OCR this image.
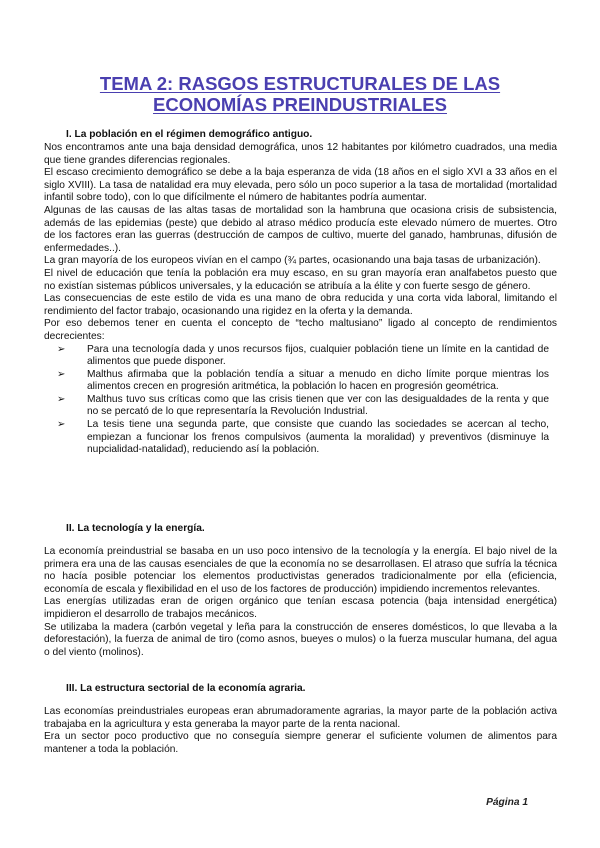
TEMA 2: RASGOS ESTRUCTURALES DE LAS
ECONOMÍAS PREINDUSTRIALES
I. La población en el régimen demográfico antiguo.

Nos encontramos ante una baja densidad demográfica, unos 12 habitantes por kilómetro cuadrados, una media que tiene grandes diferencias regionales.

El escaso crecimiento demográfico se debe a la baja esperanza de vida (18 años en el siglo XVI a 33 años en el siglo XVIII). La tasa de natalidad era muy elevada, pero sólo un poco superior a la tasa de mortalidad (mortalidad infantil sobre todo), con lo que difícilmente el número de habitantes podría aumentar.

Algunas de las causas de las altas tasas de mortalidad son la hambruna que ocasiona crisis de subsistencia, además de las epidemias (peste) que debido al atraso médico producía este elevado número de muertes. Otro de los factores eran las guerras (destrucción de campos de cultivo, muerte del ganado, hambrunas, difusión de enfermedades..).

La gran mayoría de los europeos vivían en el campo (¾ partes, ocasionando una baja tasas de urbanización).

El nivel de educación que tenía la población era muy escaso, en su gran mayoría eran analfabetos puesto que no existían sistemas públicos universales, y la educación se atribuía a la élite y con fuerte sesgo de género.

Las consecuencias de este estilo de vida es una mano de obra reducida y una corta vida laboral, limitando el rendimiento del factor trabajo, ocasionando una rigidez en la oferta y la demanda.

Por eso debemos tener en cuenta el concepto de “techo maltusiano” ligado al concepto de rendimientos decrecientes:

➢	Para una tecnología dada y unos recursos fijos, cualquier población tiene un límite en la cantidad de alimentos que puede disponer.
➢	Malthus afirmaba que la población tendía a situar a menudo en dicho límite porque mientras los alimentos crecen en progresión aritmética, la población lo hacen en progresión geométrica.
➢	Malthus tuvo sus críticas como que las crisis tienen que ver con las desigualdades de la renta y que no se percató de lo que representaría la Revolución Industrial.
➢	La tesis tiene una segunda parte, que consiste que cuando las sociedades se acercan al techo, empiezan a funcionar los frenos compulsivos (aumenta la moralidad) y preventivos (disminuye la nupcialidad-natalidad), reduciendo así la población.
II. La tecnología y la energía.

La economía preindustrial se basaba en un uso poco intensivo de la tecnología y la energía. El bajo nivel de la primera era una de las causas esenciales de que la economía no se desarrollasen. El atraso que sufría la técnica no hacía posible potenciar los elementos productivistas generados tradicionalmente por ella (eficiencia, economía de escala y flexibilidad en el uso de los factores de producción) impidiendo incrementos relevantes.

Las energías utilizadas eran de origen orgánico que tenían escasa potencia (baja intensidad energética) impidieron el desarrollo de trabajos mecánicos.

Se utilizaba la madera (carbón vegetal y leña para la construcción de enseres domésticos, lo que llevaba a la deforestación), la fuerza de animal de tiro (como asnos, bueyes o mulos) o la fuerza muscular humana, del agua o del viento (molinos).

III. La estructura sectorial de la economía agraria.

Las economías preindustriales europeas eran abrumadoramente agrarias, la mayor parte de la población activa trabajaba en la agricultura y esta generaba la mayor parte de la renta nacional.

Era un sector poco productivo que no conseguía siempre generar el suficiente volumen de alimentos para mantener a toda la población.

Página 1
